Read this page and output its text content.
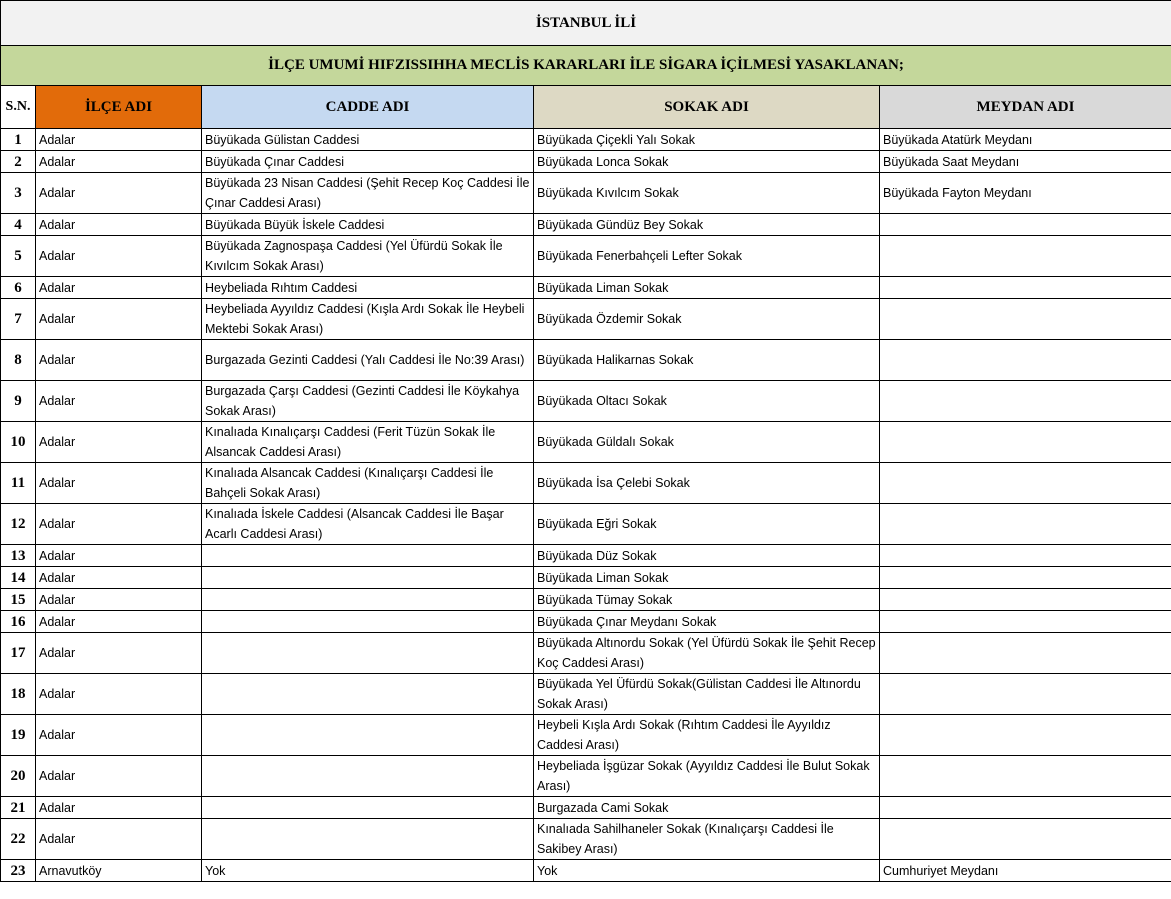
İSTANBUL İLİ				
İLÇE UMUMİ HIFZISSIHHA MECLİS KARARLARI İLE SİGARA İÇİLMESİ YASAKLANAN;				
S.N.	İLÇE ADI	CADDE ADI	SOKAK ADI	MEYDAN ADI
1	Adalar	Büyükada Gülistan Caddesi	Büyükada Çiçekli Yalı Sokak	Büyükada Atatürk Meydanı
2	Adalar	Büyükada Çınar Caddesi	Büyükada Lonca Sokak	Büyükada Saat Meydanı
3	Adalar	Büyükada 23 Nisan Caddesi (Şehit Recep Koç Caddesi İle Çınar Caddesi Arası)	Büyükada Kıvılcım Sokak	Büyükada Fayton Meydanı
4	Adalar	Büyükada Büyük İskele Caddesi	Büyükada Gündüz Bey Sokak	
5	Adalar	Büyükada Zagnospaşa Caddesi (Yel Üfürdü Sokak İle Kıvılcım Sokak Arası)	Büyükada Fenerbahçeli Lefter Sokak	
6	Adalar	Heybeliada Rıhtım Caddesi	Büyükada Liman Sokak	
7	Adalar	Heybeliada Ayyıldız Caddesi (Kışla Ardı Sokak İle Heybeli Mektebi Sokak Arası)	Büyükada Özdemir Sokak	
8	Adalar	Burgazada Gezinti Caddesi (Yalı Caddesi İle No:39 Arası)	Büyükada Halikarnas Sokak	
9	Adalar	Burgazada Çarşı Caddesi (Gezinti Caddesi İle Köykahya Sokak Arası)	Büyükada Oltacı Sokak	
10	Adalar	Kınalıada Kınalıçarşı Caddesi (Ferit Tüzün Sokak İle Alsancak Caddesi Arası)	Büyükada Güldalı Sokak	
11	Adalar	Kınalıada Alsancak Caddesi (Kınalıçarşı Caddesi İle Bahçeli Sokak Arası)	Büyükada İsa Çelebi Sokak	
12	Adalar	Kınalıada İskele Caddesi (Alsancak Caddesi İle Başar Acarlı Caddesi Arası)	Büyükada Eğri Sokak	
13	Adalar		Büyükada Düz Sokak	
14	Adalar		Büyükada Liman Sokak	
15	Adalar		Büyükada Tümay Sokak	
16	Adalar		Büyükada Çınar Meydanı Sokak	
17	Adalar		Büyükada Altınordu Sokak (Yel Üfürdü Sokak İle Şehit Recep Koç Caddesi Arası)	
18	Adalar		Büyükada Yel Üfürdü Sokak(Gülistan Caddesi İle Altınordu Sokak Arası)	
19	Adalar		Heybeli Kışla Ardı Sokak (Rıhtım Caddesi İle Ayyıldız Caddesi Arası)	
20	Adalar		Heybeliada İşgüzar Sokak (Ayyıldız Caddesi İle Bulut Sokak Arası)	
21	Adalar		Burgazada Cami Sokak	
22	Adalar		Kınalıada Sahilhaneler Sokak (Kınalıçarşı Caddesi İle Sakibey Arası)	
23	Arnavutköy	Yok	Yok	Cumhuriyet Meydanı
